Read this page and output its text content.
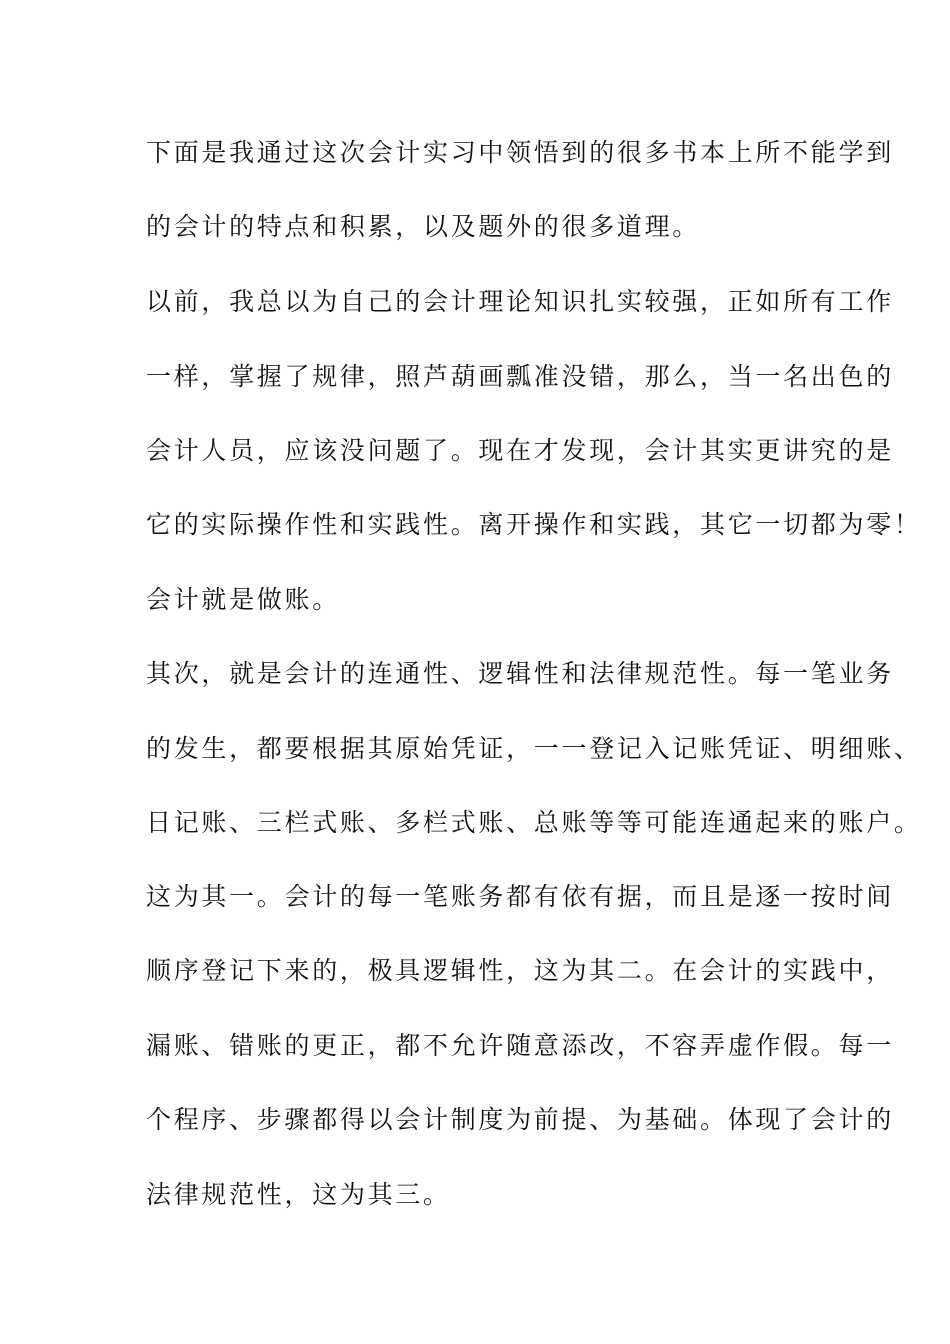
下面是我通过这次会计实习中领悟到的很多书本上所不能学到
的会计的特点和积累，以及题外的很多道理。
以前，我总以为自己的会计理论知识扎实较强，正如所有工作
一样，掌握了规律，照芦葫画瓢准没错，那么，当一名出色的
会计人员，应该没问题了。现在才发现，会计其实更讲究的是
它的实际操作性和实践性。离开操作和实践，其它一切都为零！
会计就是做账。
其次，就是会计的连通性、逻辑性和法律规范性。每一笔业务
的发生，都要根据其原始凭证，一一登记入记账凭证、明细账、
日记账、三栏式账、多栏式账、总账等等可能连通起来的账户。
这为其一。会计的每一笔账务都有依有据，而且是逐一按时间
顺序登记下来的，极具逻辑性，这为其二。在会计的实践中，
漏账、错账的更正，都不允许随意添改，不容弄虚作假。每一
个程序、步骤都得以会计制度为前提、为基础。体现了会计的
法律规范性，这为其三。
